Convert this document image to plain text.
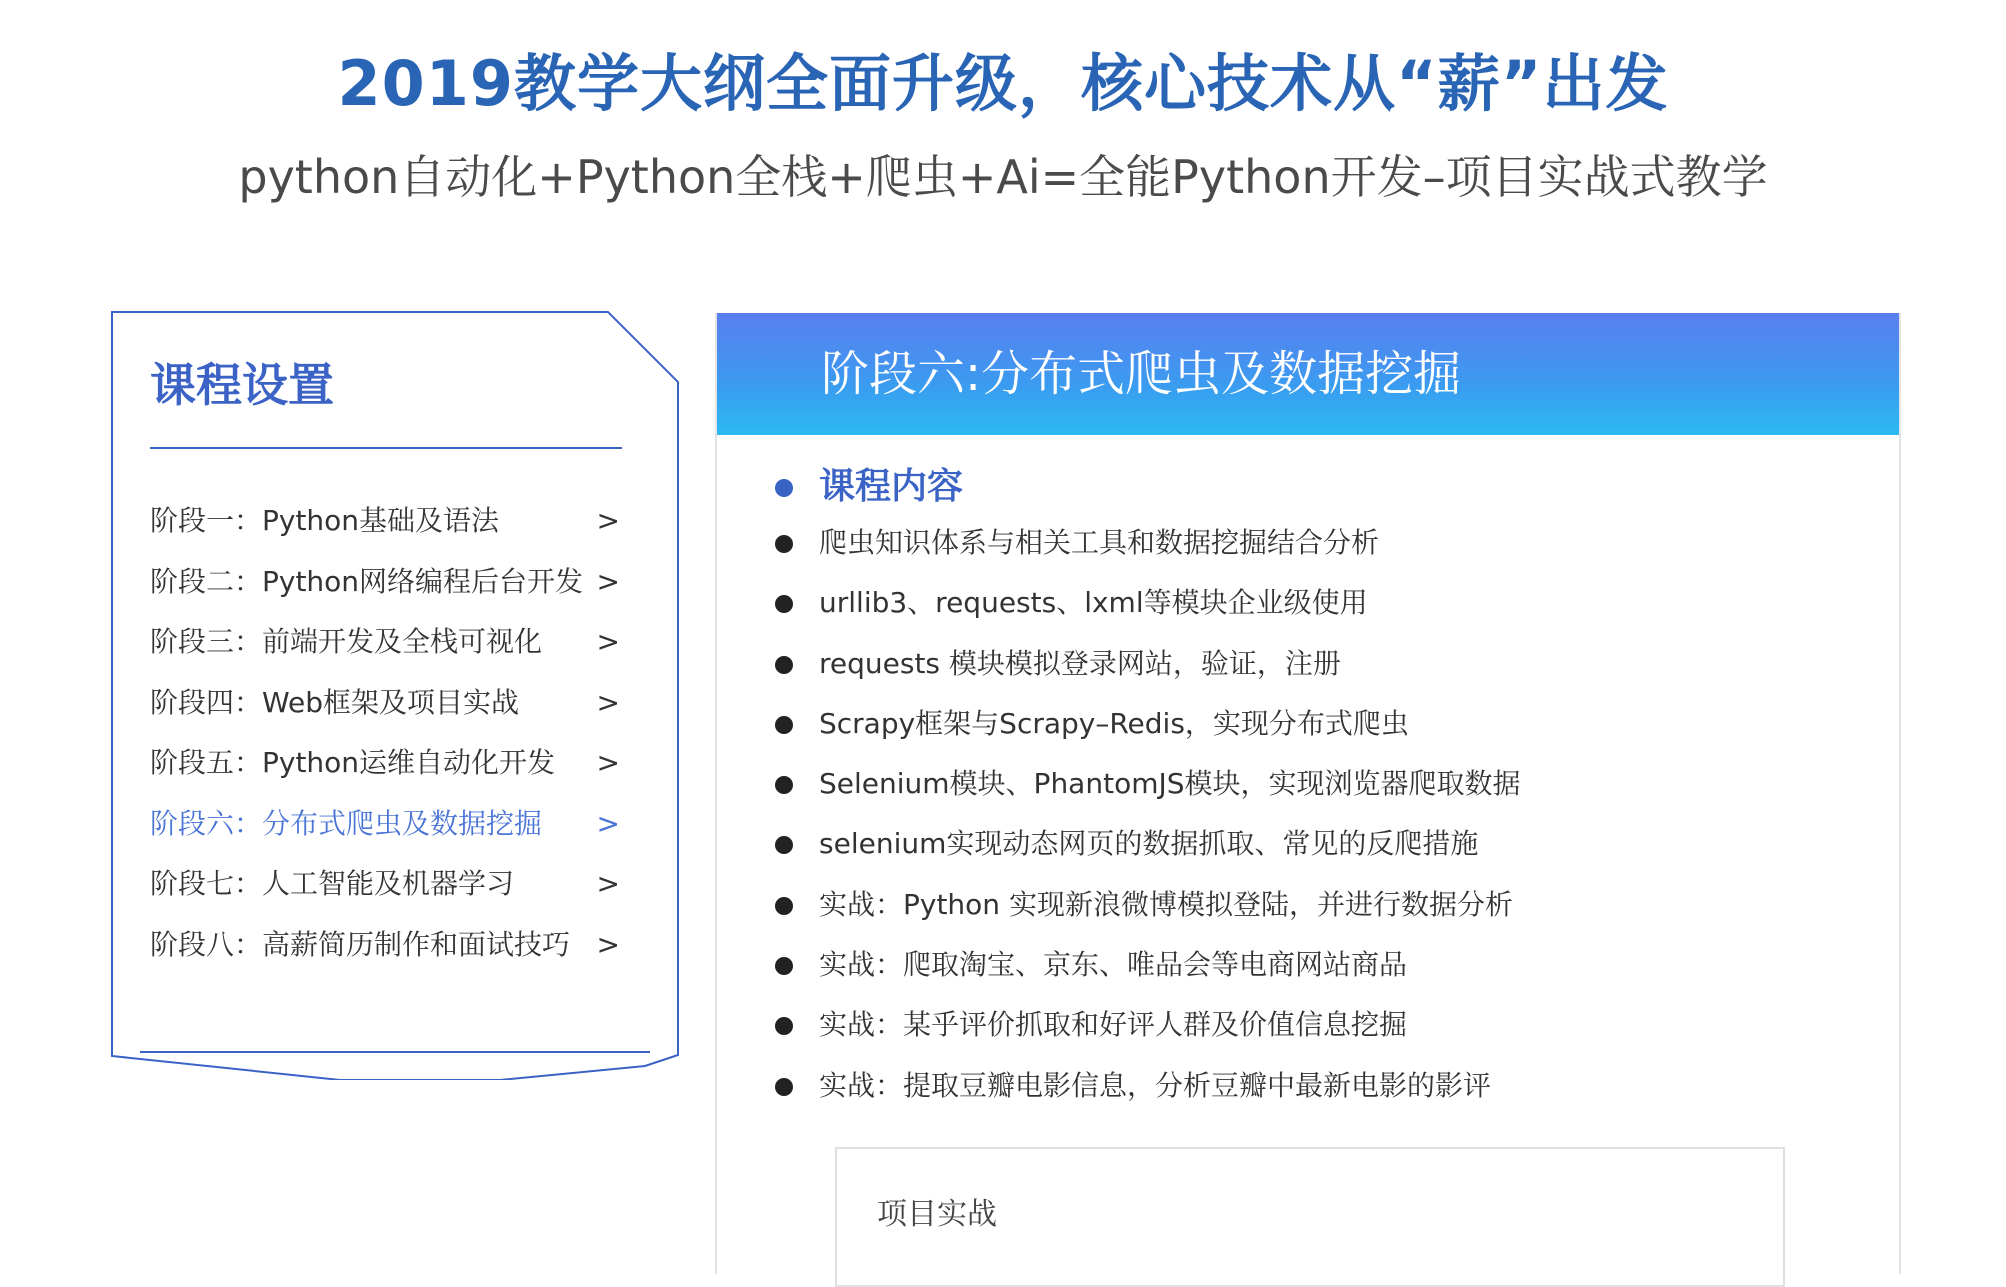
2019教学大纲全面升级，核心技术从“薪”出发
python自动化+Python全栈+爬虫+Ai=全能Python开发–项目实战式教学
课程设置
阶段一：Python基础及语法	>
阶段二：Python网络编程后台开发 >
阶段三：前端开发及全栈可视化 >
阶段四：Web框架及项目实战	>
阶段五：Python运维自动化开发 >
阶段六：分布式爬虫及数据挖掘 >
阶段七：人工智能及机器学习	>
阶段八：高薪简历制作和面试技巧 >
阶段六:分布式爬虫及数据挖掘
课程内容
爬虫知识体系与相关工具和数据挖掘结合分析
urllib3、requests、lxml等模块企业级使用
requests 模块模拟登录网站，验证，注册
Scrapy框架与Scrapy–Redis，实现分布式爬虫
Selenium模块、PhantomJS模块，实现浏览器爬取数据
selenium实现动态网页的数据抓取、常见的反爬措施
实战：Python 实现新浪微博模拟登陆，并进行数据分析
实战：爬取淘宝、京东、唯品会等电商网站商品
实战：某乎评价抓取和好评人群及价值信息挖掘
实战：提取豆瓣电影信息，分析豆瓣中最新电影的影评
项目实战
